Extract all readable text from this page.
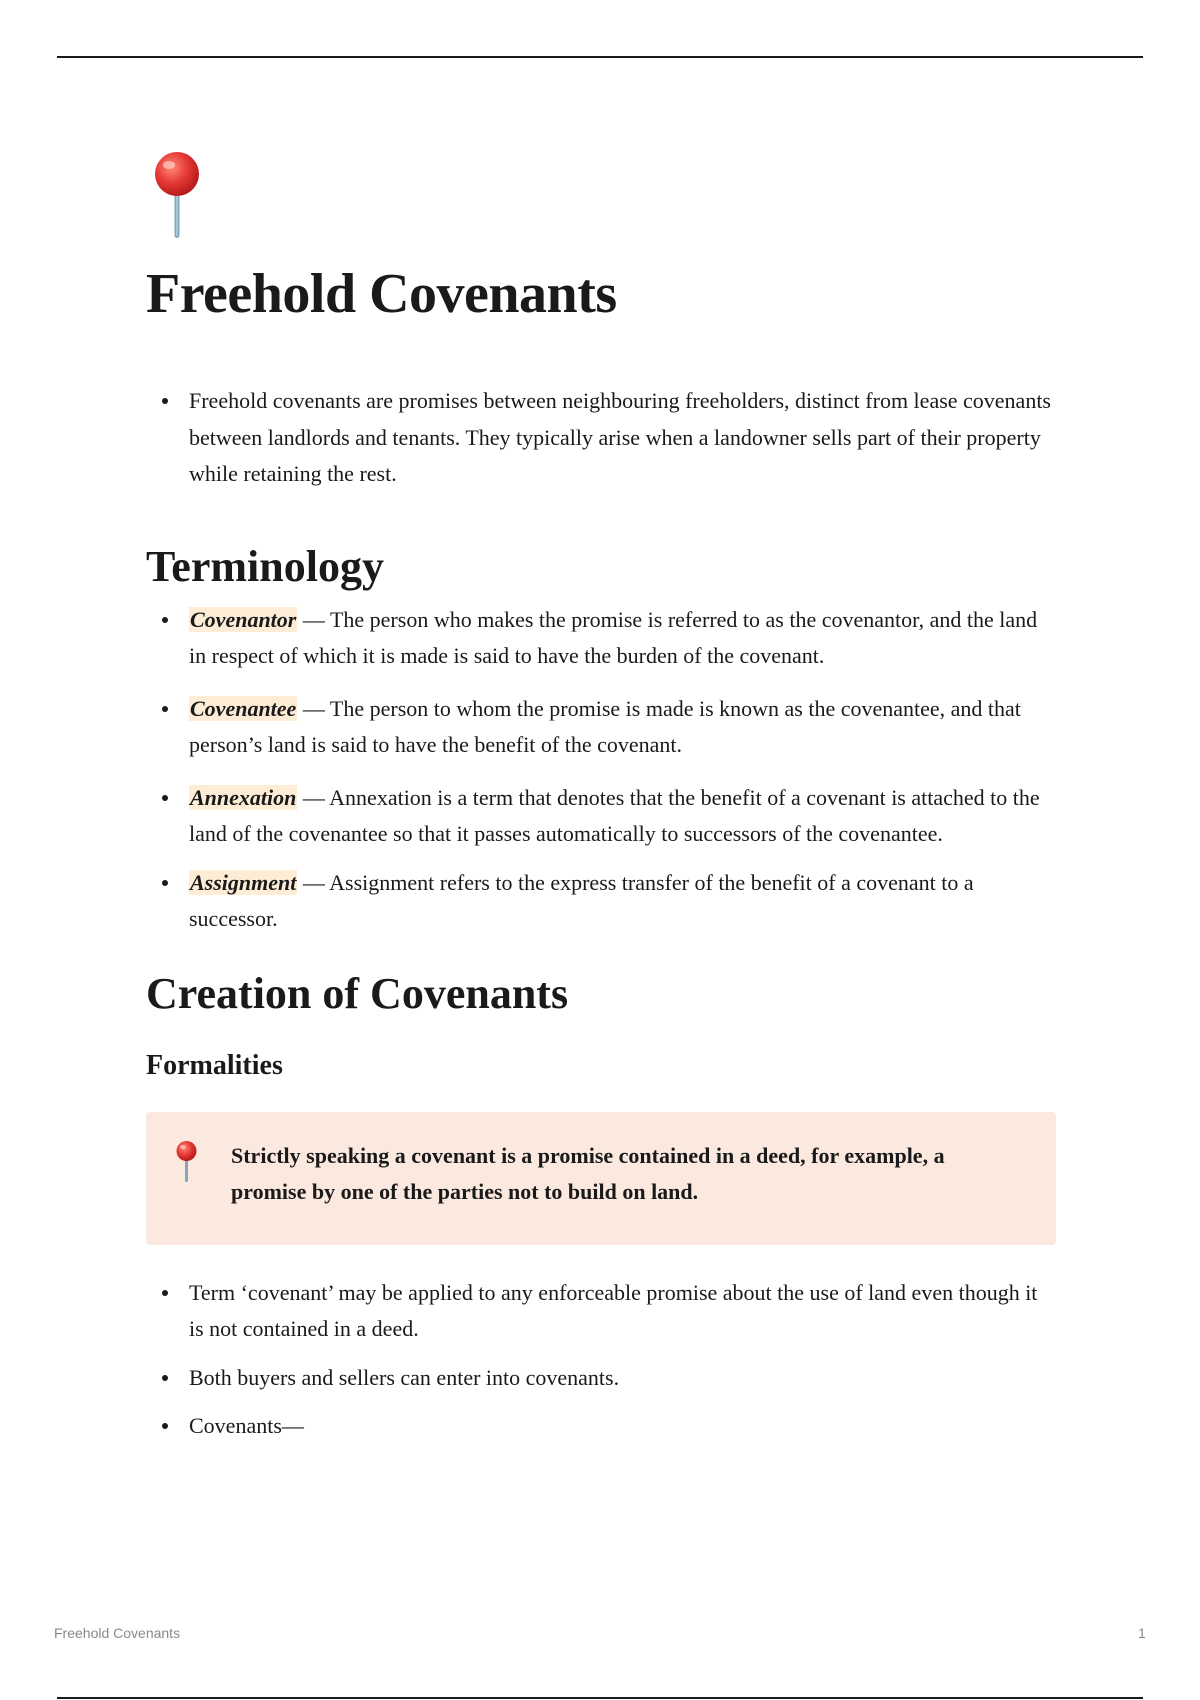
Freehold Covenants
Freehold covenants are promises between neighbouring freeholders, distinct from lease covenants between landlords and tenants. They typically arise when a landowner sells part of their property while retaining the rest.
Terminology
Covenantor — The person who makes the promise is referred to as the covenantor, and the land in respect of which it is made is said to have the burden of the covenant.
Covenantee — The person to whom the promise is made is known as the covenantee, and that person’s land is said to have the benefit of the covenant.
Annexation — Annexation is a term that denotes that the benefit of a covenant is attached to the land of the covenantee so that it passes automatically to successors of the covenantee.
Assignment — Assignment refers to the express transfer of the benefit of a covenant to a successor.
Creation of Covenants
Formalities
Strictly speaking a covenant is a promise contained in a deed, for example, a promise by one of the parties not to build on land.
Term ‘covenant’ may be applied to any enforceable promise about the use of land even though it is not contained in a deed.
Both buyers and sellers can enter into covenants.
Covenants—
Freehold Covenants	1
